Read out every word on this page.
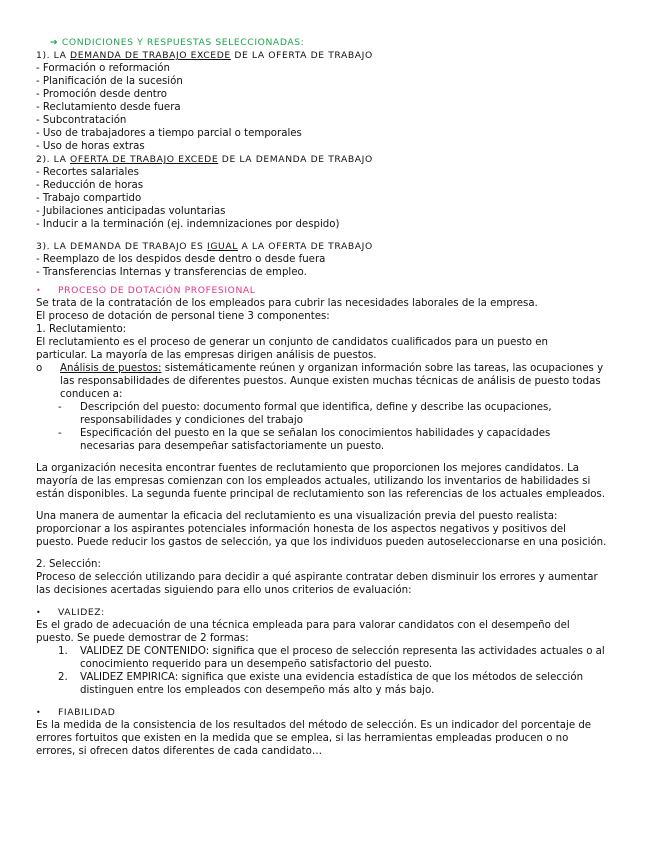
➔ CONDICIONES Y RESPUESTAS SELECCIONADAS:
1). LA DEMANDA DE TRABAJO EXCEDE DE LA OFERTA DE TRABAJO
- Formación o reformación
- Planificación de la sucesión
- Promoción desde dentro
- Reclutamiento desde fuera
- Subcontratación
- Uso de trabajadores a tiempo parcial o temporales
- Uso de horas extras
2). LA OFERTA DE TRABAJO EXCEDE DE LA DEMANDA DE TRABAJO
- Recortes salariales
- Reducción de horas
- Trabajo compartido
- Jubilaciones anticipadas voluntarias
- Inducir a la terminación (ej. indemnizaciones por despido)
3). LA DEMANDA DE TRABAJO ES IGUAL A LA OFERTA DE TRABAJO
- Reemplazo de los despidos desde dentro o desde fuera
- Transferencias Internas y transferencias de empleo.
• PROCESO DE DOTACIÓN PROFESIONAL
Se trata de la contratación de los empleados para cubrir las necesidades laborales de la empresa.
El proceso de dotación de personal tiene 3 componentes:
1. Reclutamiento:
El reclutamiento es el proceso de generar un conjunto de candidatos cualificados para un puesto en
particular. La mayoría de las empresas dirigen análisis de puestos.
o Análisis de puestos: sistemáticamente reúnen y organizan información sobre las tareas, las ocupaciones y
las responsabilidades de diferentes puestos. Aunque existen muchas técnicas de análisis de puesto todas
conducen a:
- Descripción del puesto: documento formal que identifica, define y describe las ocupaciones,
responsabilidades y condiciones del trabajo
- Especificación del puesto en la que se señalan los conocimientos habilidades y capacidades
necesarias para desempeñar satisfactoriamente un puesto.
La organización necesita encontrar fuentes de reclutamiento que proporcionen los mejores candidatos. La
mayoría de las empresas comienzan con los empleados actuales, utilizando los inventarios de habilidades si
están disponibles. La segunda fuente principal de reclutamiento son las referencias de los actuales empleados.
Una manera de aumentar la eficacia del reclutamiento es una visualización previa del puesto realista:
proporcionar a los aspirantes potenciales información honesta de los aspectos negativos y positivos del
puesto. Puede reducir los gastos de selección, ya que los individuos pueden autoseleccionarse en una posición.
2. Selección:
Proceso de selección utilizando para decidir a qué aspirante contratar deben disminuir los errores y aumentar
las decisiones acertadas siguiendo para ello unos criterios de evaluación:
• VALIDEZ:
Es el grado de adecuación de una técnica empleada para para valorar candidatos con el desempeño del
puesto. Se puede demostrar de 2 formas:
1. VALIDEZ DE CONTENIDO: significa que el proceso de selección representa las actividades actuales o al
conocimiento requerido para un desempeño satisfactorio del puesto.
2. VALIDEZ EMPIRICA: significa que existe una evidencia estadística de que los métodos de selección
distinguen entre los empleados con desempeño más alto y más bajo.
• FIABILIDAD
Es la medida de la consistencia de los resultados del método de selección. Es un indicador del porcentaje de
errores fortuitos que existen en la medida que se emplea, si las herramientas empleadas producen o no
errores, si ofrecen datos diferentes de cada candidato…
